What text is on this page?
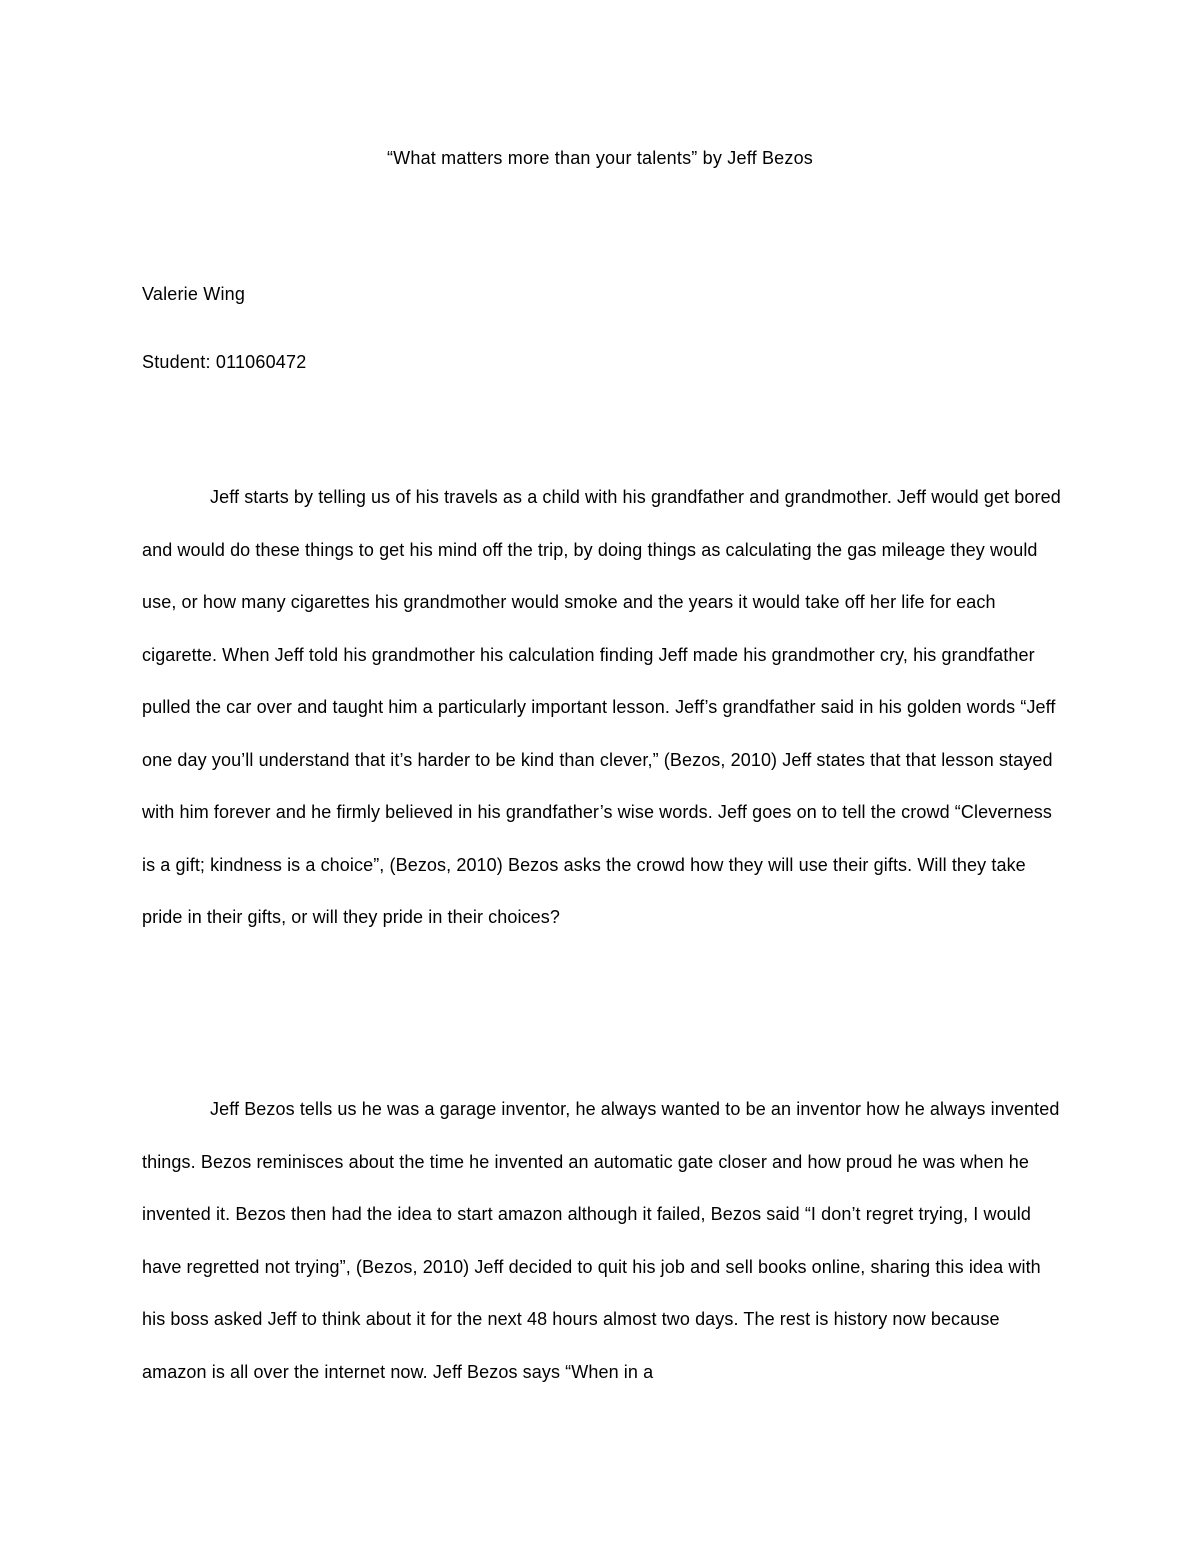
“What matters more than your talents” by Jeff Bezos
Valerie Wing
Student: 011060472

Jeff starts by telling us of his travels as a child with his grandfather and grandmother. Jeff would get bored and would do these things to get his mind off the trip, by doing things as calculating the gas mileage they would use, or how many cigarettes his grandmother would smoke and the years it would take off her life for each cigarette. When Jeff told his grandmother his calculation finding Jeff made his grandmother cry, his grandfather pulled the car over and taught him a particularly important lesson. Jeff’s grandfather said in his golden words “Jeff one day you’ll understand that it’s harder to be kind than clever,” (Bezos, 2010) Jeff states that that lesson stayed with him forever and he firmly believed in his grandfather’s wise words. Jeff goes on to tell the crowd “Cleverness is a gift; kindness is a choice”, (Bezos, 2010) Bezos asks the crowd how they will use their gifts. Will they take pride in their gifts, or will they pride in their choices?

Jeff Bezos tells us he was a garage inventor, he always wanted to be an inventor how he always invented things. Bezos reminisces about the time he invented an automatic gate closer and how proud he was when he invented it. Bezos then had the idea to start amazon although it failed, Bezos said “I don’t regret trying, I would have regretted not trying”, (Bezos, 2010) Jeff decided to quit his job and sell books online, sharing this idea with his boss asked Jeff to think about it for the next 48 hours almost two days. The rest is history now because amazon is all over the internet now. Jeff Bezos says “When in a
